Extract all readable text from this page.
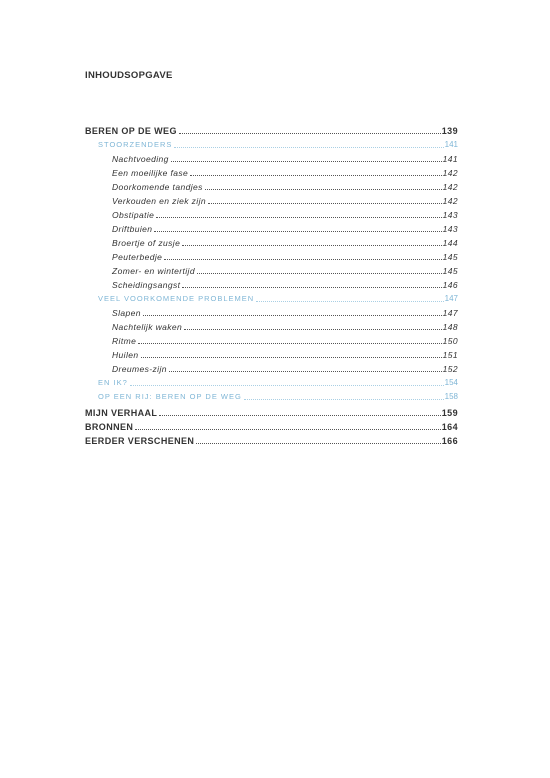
INHOUDSOPGAVE
BEREN OP DE WEG	139
STOORZENDERS	141
Nachtvoeding	141
Een moeilijke fase	142
Doorkomende tandjes	142
Verkouden en ziek zijn	142
Obstipatie	143
Driftbuien	143
Broertje of zusje	144
Peuterbedje	145
Zomer- en wintertijd	145
Scheidingsangst	146
VEEL VOORKOMENDE PROBLEMEN	147
Slapen	147
Nachtelijk waken	148
Ritme	150
Huilen	151
Dreumes-zijn	152
EN IK?	154
OP EEN RIJ: BEREN OP DE WEG	158
MIJN VERHAAL	159
BRONNEN	164
EERDER VERSCHENEN	166
